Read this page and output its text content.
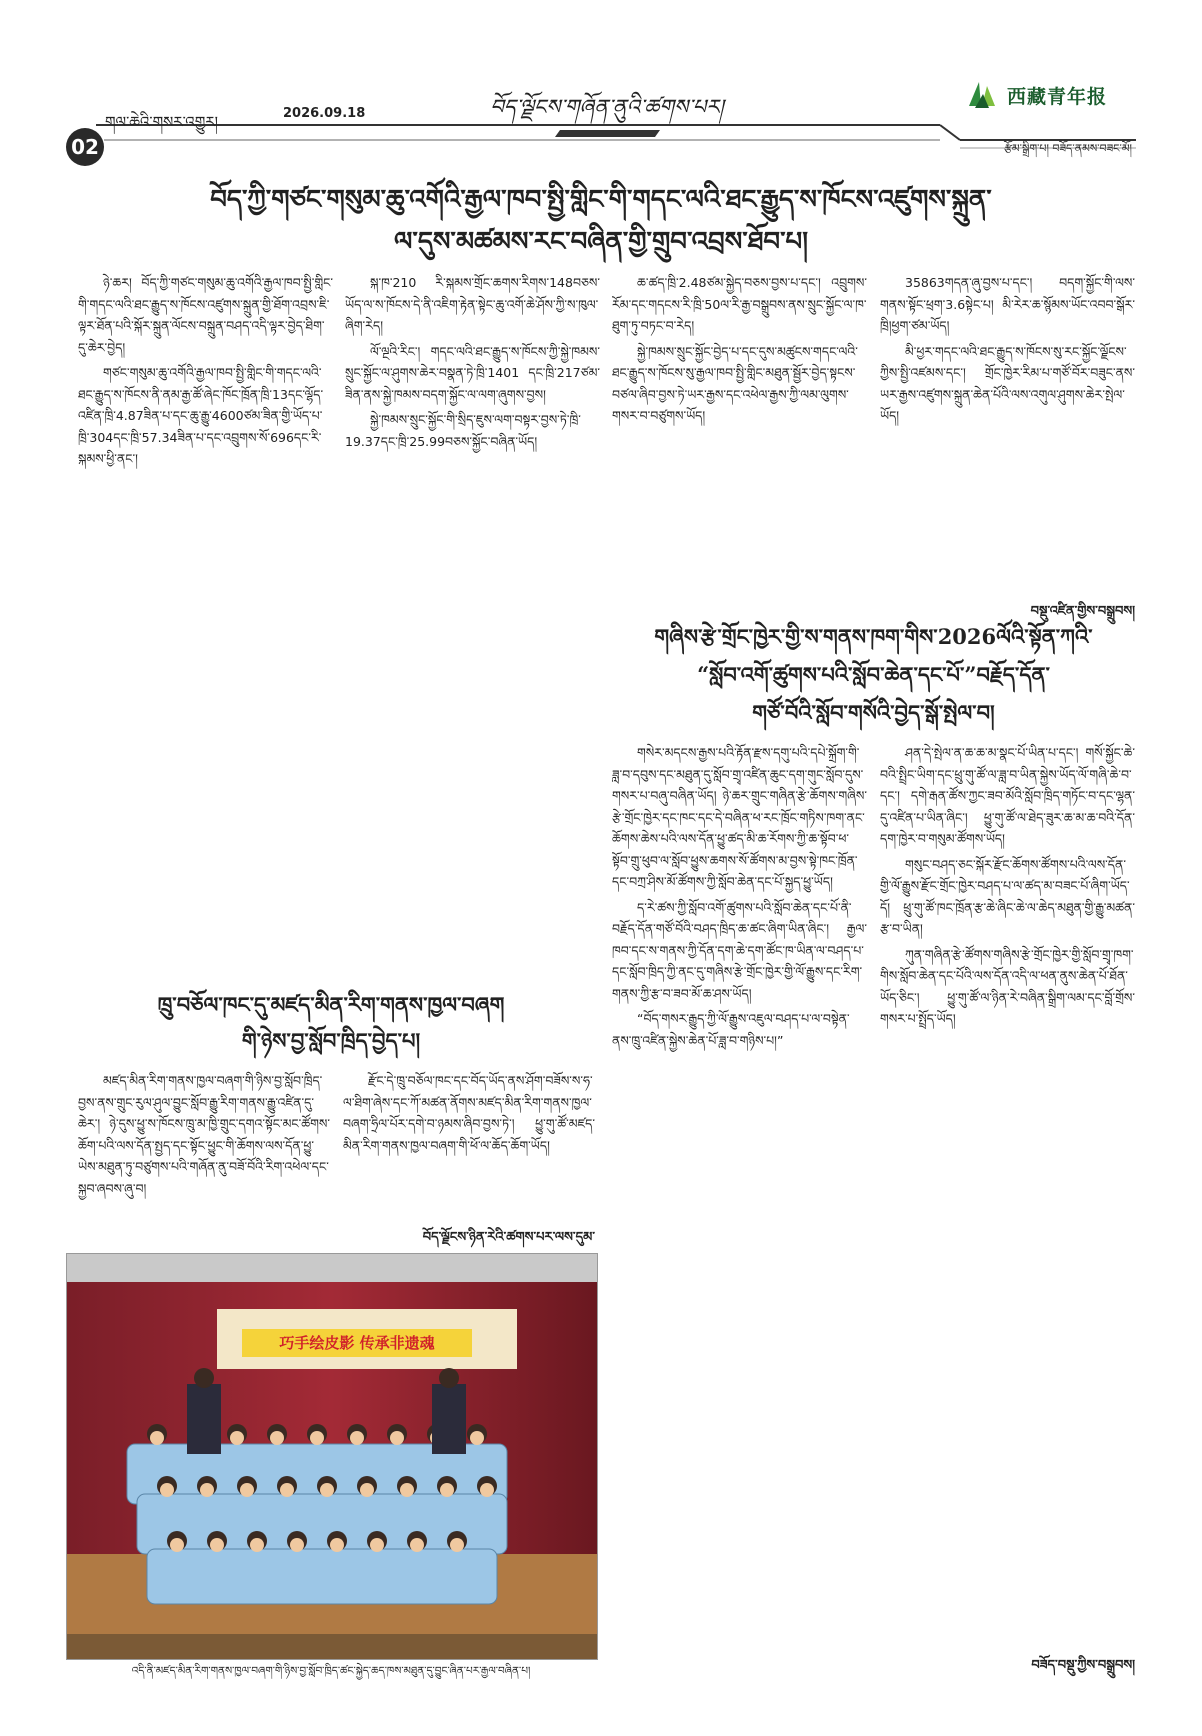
02
གལ་ཆེའི་གསར་འགྱུར།	2026.09.18	བོད་ལྗོངས་གཞོན་ནུའི་ཚགས་པར།	西藏青年报
རྩོམ་སྒྲིག་པ། བཟོད་ནམས་བཟང་མོ།
བོད་ཀྱི་གཙང་གསུམ་ཆུ་འགོའི་རྒྱལ་ཁབ་སྤྱི་གླིང་གི་གདང་ལའི་ཐང་རྒྱུད་ས་ཁོངས་འཛུགས་སྐྲུན་
ལ་དུས་མཚམས་རང་བཞིན་གྱི་གྲུབ་འབྲས་ཐོབ་པ།

ཉེ་ཆར། བོད་ཀྱི་གཙང་གསུམ་ཆུ་འགོའི་རྒྱལ་ཁབ་སྤྱི་གླིང་གི་གདང་ལའི་ཐང་རྒྱུད་ས་ཁོངས་འཛུགས་སྐྲུན་གྱི་ཐོག་འབྲས་ཇི་ལྟར་ཐོན་པའི་སྐོར་སྐྲུན་ལོངས་བསྐྲུན་བཤད་འདི་ལྟར་བྱེད་ཐིག་དུ་ཆེར་བྱེད།

གཙང་གསུམ་ཆུ་འགོའི་རྒྱལ་ཁབ་སྤྱི་གླིང་གི་གདང་ལའི་ཐང་རྒྱུད་ས་ཁོངས་ནི་ནམ་རྒྱ་ཚོ་ཞེང་ཁོང་ཁྲོན་ཁྲི་13དང་ལྷོད་འཛིན་ཁྲི་4.87ཟིན་པ་དང་ཆུ་རྒྱུ་4600ཙམ་ཟིན་གྱི་ཡོད་པ་ཁྲི་304དང་ཁྲི་57.34ཟིན་པ་དང་འབྲུགས་སོ་696དང་རི་སྐམས་ཕྱི་ནང་།

སྐ་ཁ་210 རི་སྐམས་གྲོང་ཆགས་རིགས་148བཅས་ཡོད་ལ་ས་ཁོངས་དེ་ནི་འཇིག་རྟེན་སྟེང་ཆུ་འགོ་ཆེ་ཤོས་ཀྱི་ས་ཁུལ་ཞིག་རེད།

ལོ་ལྔའི་རིང་། གདང་ལའི་ཐང་རྒྱུད་ས་ཁོངས་ཀྱི་སྐྱེ་ཁམས་སྲུང་སྐྱོང་ལ་ཤུགས་ཆེར་བསྣན་ཏེ་ཁྲི་1401 དང་ཁྲི་217ཙམ་ཟིན་ནས་སྐྱེ་ཁམས་བདག་སྐྱོང་ལ་ལག་ཞུགས་བྱས།

སྐྱེ་ཁམས་སྲུང་སྐྱོང་གི་སྲིད་ཇུས་ལག་བསྟར་བྱས་ཏེ་ཁྲི་19.37དང་ཁྲི་25.99བཅས་སྐྱོང་བཞིན་ཡོད།

ཆ་ཚད་ཁྲི་2.48ཙམ་སྐྱེད་བཅས་བྱས་པ་དང་། འབྲུགས་རོམ་དང་གདངས་རི་ཁྲི་50ལ་རི་རྒྱ་བསྒྲུབས་ནས་སྲུང་སྐྱོང་ལ་ཁ་ཐུག་ཏུ་བཏང་བ་རེད།

སྐྱེ་ཁམས་སྲུང་སྐྱོང་བྱེད་པ་དང་དུས་མཚུངས་གདང་ལའི་ཐང་རྒྱུད་ས་ཁོངས་སུ་རྒྱལ་ཁབ་སྤྱི་གླིང་མཐུན་སྦྱོར་བྱེད་སྟངས་བཙལ་ཞིབ་བྱས་ཏེ་ཡར་རྒྱས་དང་འཕེལ་རྒྱས་ཀྱི་ལམ་ལུགས་གསར་བ་བཙུགས་ཡོད།

35863གདན་ཞུ་བྱས་པ་དང་། བདག་སྐྱོང་གི་ལས་གནས་སྟོང་ཕྲག་3.6སྟེང་པ། མི་རེར་ཆ་སྙོམས་ཡོང་འབབ་སྒོར་ཁྲི།ཕྱག་ཙམ་ཡོད།

མི་ཕྱར་གདང་ལའི་ཐང་རྒྱུད་ས་ཁོངས་སུ་རང་སྐྱོང་ལྗོངས་ཀྱིས་སྤྱི་འཛམས་དང་། གྲོང་ཁྱེར་རིམ་པ་གཙོ་བོར་བཟུང་ནས་ཡར་རྒྱས་འཛུགས་སྐྲུན་ཆེན་པོའི་ལས་འགུལ་ཤུགས་ཆེར་སྤེལ་ཡོད།

བསྡུ་འཛིན་གྱིས་བསྒྲུབས།
གཞིས་རྩེ་གྲོང་ཁྱེར་གྱི་ས་གནས་ཁག་གིས་2026ལོའི་སྟོན་ཀའི་
“སློབ་འགོ་ཚུགས་པའི་སློབ་ཆེན་དང་པོ་”བརྗོད་དོན་
གཙོ་བོའི་སློབ་གསོའི་བྱེད་སྒོ་སྤེལ་བ།

གསེར་མདངས་རྒྱས་པའི་རྟོན་རྫས་དགུ་པའི་དཔེ་སྐྲོག་གི་ཟླ་བ་དབུས་དང་མཐུན་དུ་སློབ་གྲྭ་འཛིན་ཆུང་དག་གུང་སློབ་དུས་གསར་པ་བཞུ་བཞིན་ཡོད། ཉེ་ཆར་གྲུང་གཞིན་རྩེ་ཆོགས་གཞིས་རྩེ་གྲོང་ཁྱེར་དང་ཁང་དང་དེ་བཞིན་ཕ་རང་ཁྲོང་གཏིས་ཁག་ནང་ཆོགས་ཆེས་པའི་ལས་དོན་ཕྱུ་ཚད་མི་ཆ་རོགས་ཀྱི་ཆ་སྟོབ་ཕ་སྟོབ་གྲུ་ཕུབ་ལ་སློབ་ཕྱུས་ཆགས་སོ་ཚོགས་མ་བྱས་སྟེ་ཁང་ཁྲོན་དང་བཀྲ་ཤིས་མོ་ཚོགས་ཀྱི་སློབ་ཆེན་དང་པོ་སྐྱད་ཕྱུ་ཡོད།

ད་རེ་ཚས་ཀྱི་སློབ་འགོ་ཚུགས་པའི་སློབ་ཆེན་དང་པོ་ནི་བརྗོད་དོན་གཙོ་བོའི་བཤད་ཁྲིད་ཆ་ཚང་ཞིག་ཡིན་ཞིང་། རྒྱལ་ཁབ་དང་ས་གནས་ཀྱི་དོན་དག་ཆེ་དག་ཚོང་ཁ་ཡིན་ལ་བཤད་པ་དང་སློབ་ཁྲིད་ཀྱི་ནང་དུ་གཞིས་རྩེ་གྲོང་ཁྱེར་གྱི་ལོ་རྒྱུས་དང་རིག་གནས་ཀྱི་རྩ་བ་ཟབ་མོ་ཆ་ཤས་ཡོད།

“བོད་གསར་རྒྱུད་ཀྱི་ལོ་རྒྱུས་འཇུལ་བཤད་པ་ལ་བསྟེན་ནས་ཁྲུ་འཛིན་སྐྱེས་ཆེན་པོ་ཟླ་བ་གཉིས་པ།”

ཤན་དེ་སྤེལ་ན་ཆ་ཆ་མ་སྣང་པོ་ཡིན་པ་དང་། གསོ་སྐྱོང་ཆེ་བའི་སྤྲིང་ཡིག་དང་ཕྲུ་གུ་ཚོ་ལ་ཟླ་བ་ཡིན་སྐྱེས་ཡོད་ལོ་གཞི་ཆེ་བ་དང་། དགེ་རྒན་ཚོས་ཀྱང་ཟབ་མོའི་སློབ་ཁྲིད་གཏོང་བ་དང་ལྷན་དུ་འཛིན་པ་ཡིན་ཞིང་། ཕྱུ་གུ་ཚོ་ལ་ཐེད་ཟུར་ཆ་མ་ཆ་བའི་དོན་དག་ཁྱེར་བ་གསུམ་ཚོགས་ཡོད།

གསུང་བཤད་ཅང་སྐོར་རྫོང་ཆོགས་ཚོགས་པའི་ལས་དོན་གྱི་ལོ་རྒྱུས་རྫོང་གྲོང་ཁྱེར་བཤད་པ་ལ་ཚད་མ་བཟང་པོ་ཞིག་ཡོད་དོ། ཕྲུ་གུ་ཚོ་ཁང་ཁྲོན་རྩ་ཆེ་ཞིང་ཆེ་ལ་ཆེད་མཐུན་གྱི་རྒྱུ་མཚན་རྩ་བ་ཡིན།

ཀུན་གཞིན་རྩེ་ཚོགས་གཞིས་རྩེ་གྲོང་ཁྱེར་གྱི་སློབ་གྲྭ་ཁག་གིས་སློབ་ཆེན་དང་པོའི་ལས་དོན་འདི་ལ་ཕན་ནུས་ཆེན་པོ་ཐོན་ཡོད་ཅིང་། ཕྱུ་གུ་ཚོ་ལ་ཉིན་རེ་བཞིན་སྒྲིག་ལམ་དང་བློ་གྲོས་གསར་པ་སྤྲོད་ཡོད།

བཟོད་བསྡུ་ཀྱིས་བསྒྲུབས།
ཁྲུ་བཅོལ་ཁང་དུ་མཛད་མིན་རིག་གནས་ཁྱལ་བཞག
གི་ཉེས་བྱ་སློབ་ཁྲིད་བྱེད་པ།

མཛད་མིན་རིག་གནས་ཁྱལ་བཞག་གི་ཉིས་བྱ་སློབ་ཁྲིད་བྱས་ནས་གྲུང་རུལ་ཤུལ་བྱུང་སློབ་རྒྱུ་རིག་གནས་རྒྱུ་འཛིན་དུ་ཆེར་། ཉེ་དུས་ཕྱུ་ས་ཁོངས་ཁྲུ་མ་ཁྱི་གྲུང་དགའ་སྟོང་མང་ཚོགས་ཆོག་པའི་ལས་དོན་སྤྱད་དང་སྟོང་ཕྱུང་གི་ཆོགས་ལས་དོན་ཕྱུ་ཡེས་མཐུན་ཏུ་བཙུགས་པའི་གཞོན་ནུ་བཟོ་བོའི་རིག་འཕེལ་དང་སྐྱབ་ཞབས་ཞུ་བ།

རྫོང་དེ་ཁྲུ་བཅོལ་ཁང་དང་བོད་ཡོད་ནས་ཤོག་བཟོས་ས་ཧ་ལ་ཐིག་ཞེས་དང་ཀོ་མཚན་ནོགས་མཛད་མིན་རིག་གནས་ཁྱལ་བཞག་ཧྲིལ་པོར་དགེ་བ་ཉམས་ཞིབ་བྱས་ཏེ་། ཕྱུ་གུ་ཚོ་མཛད་མིན་རིག་གནས་ཁྱལ་བཞག་གི་ཕོ་ལ་ཆོད་ཆོག་ཡོད།

བོད་ལྗོངས་ཉིན་རེའི་ཚགས་པར་ལས་དུམ་
巧手绘皮影 传承非遗魂
འདི་ནི་མཛད་མིན་རིག་གནས་ཁྱལ་བཞག་གི་ཉིས་བྱ་སློབ་ཁྲིད་ཚང་སྐྱེད་ཆད་ཁས་མཐུན་དུ་བྱུང་ཞིན་པར་རྒྱལ་བཞིན་པ།
